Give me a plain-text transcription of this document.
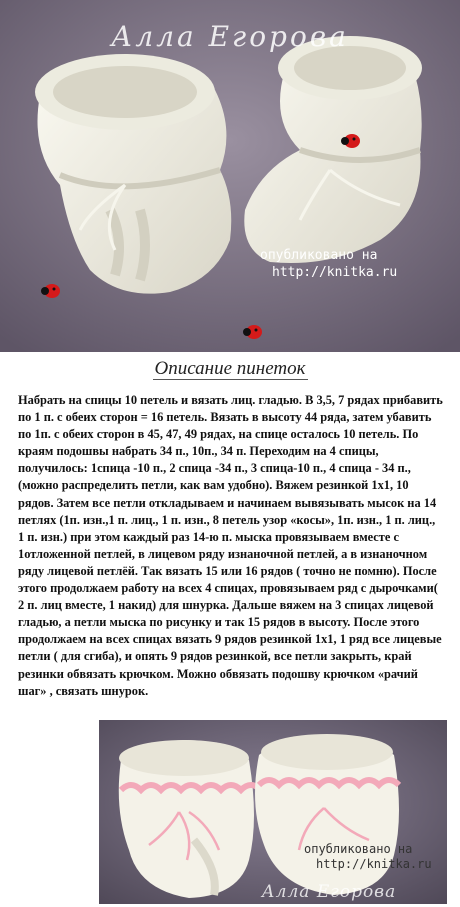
Алла Егорова
опубликовано на
http://knitka.ru
Описание пинеток

Набрать на спицы 10 петель и вязать лиц. гладью. В 3,5, 7 рядах прибавить по 1 п. с обеих сторон = 16 петель. Вязать в высоту 44 ряда, затем убавить по 1п. с обеих сторон в 45, 47, 49 рядах, на спице осталось 10 петель. По краям подошвы набрать 34 п., 10п., 34 п. Переходим на 4 спицы, получилось: 1спица -10 п., 2 спица -34 п., 3 спица-10 п., 4 спица - 34 п., (можно распределить петли, как вам удобно). Вяжем резинкой 1х1, 10 рядов. Затем все петли откладываем и начинаем вывязывать мысок на 14 петлях (1п. изн.,1 п. лиц., 1 п. изн., 8 петель узор «косы», 1п. изн., 1 п. лиц., 1 п. изн.) при этом каждый раз 14-ю п. мыска провязываем вместе с 1отложенной петлей, в лицевом ряду изнаночной петлей, а в изнаночном ряду лицевой петлёй. Так вязать 15 или 16 рядов ( точно не помню). После этого продолжаем работу на всех 4 спицах, провязываем ряд с дырочками( 2 п. лиц вместе, 1 накид) для шнурка. Дальше вяжем на 3 спицах лицевой гладью, а петли мыска по рисунку и так 15 рядов в высоту. После этого продолжаем на всех спицах вязать 9 рядов резинкой 1х1, 1 ряд все лицевые петли ( для сгиба), и опять 9 рядов резинкой, все петли закрыть, край резинки обвязать крючком. Можно обвязать подошву крючком «рачий шаг» , связать шнурок.

Алла Егорова
опубликовано на
http://knitka.ru
